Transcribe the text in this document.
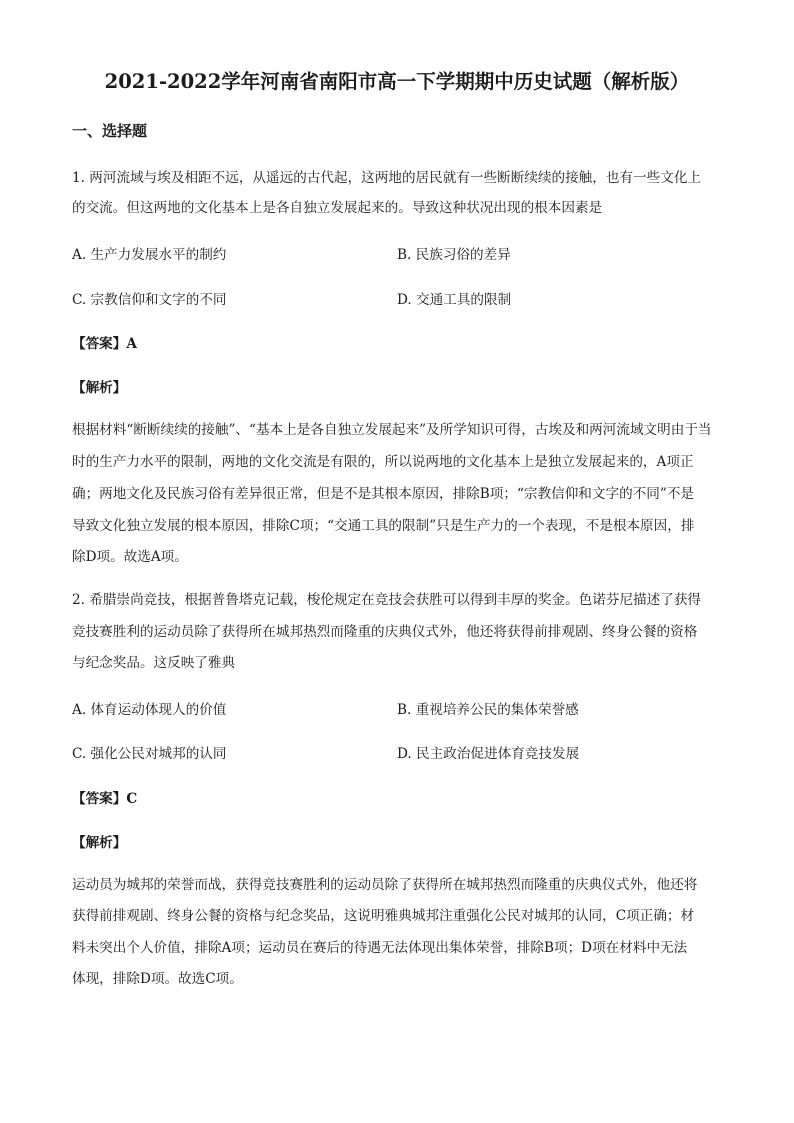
2021-2022学年河南省南阳市高一下学期期中历史试题（解析版）
一、选择题
1. 两河流域与埃及相距不远，从遥远的古代起，这两地的居民就有一些断断续续的接触，也有一些文化上
的交流。但这两地的文化基本上是各自独立发展起来的。导致这种状况出现的根本因素是
A. 生产力发展水平的制约	B. 民族习俗的差异
C. 宗教信仰和文字的不同	D. 交通工具的限制
【答案】A
【解析】
根据材料“断断续续的接触”、“基本上是各自独立发展起来”及所学知识可得，古埃及和两河流域文明由于当
时的生产力水平的限制，两地的文化交流是有限的，所以说两地的文化基本上是独立发展起来的，A项正
确；两地文化及民族习俗有差异很正常，但是不是其根本原因，排除B项；“宗教信仰和文字的不同”不是
导致文化独立发展的根本原因，排除C项；“交通工具的限制”只是生产力的一个表现，不是根本原因，排
除D项。故选A项。
2. 希腊崇尚竞技，根据普鲁塔克记载，梭伦规定在竞技会获胜可以得到丰厚的奖金。色诺芬尼描述了获得
竞技赛胜利的运动员除了获得所在城邦热烈而隆重的庆典仪式外，他还将获得前排观剧、终身公餐的资格
与纪念奖品。这反映了雅典
A. 体育运动体现人的价值	B. 重视培养公民的集体荣誉感
C. 强化公民对城邦的认同	D. 民主政治促进体育竞技发展
【答案】C
【解析】
运动员为城邦的荣誉而战，获得竞技赛胜利的运动员除了获得所在城邦热烈而隆重的庆典仪式外，他还将
获得前排观剧、终身公餐的资格与纪念奖品，这说明雅典城邦注重强化公民对城邦的认同，C项正确；材
料未突出个人价值，排除A项；运动员在赛后的待遇无法体现出集体荣誉，排除B项；D项在材料中无法
体现，排除D项。故选C项。
